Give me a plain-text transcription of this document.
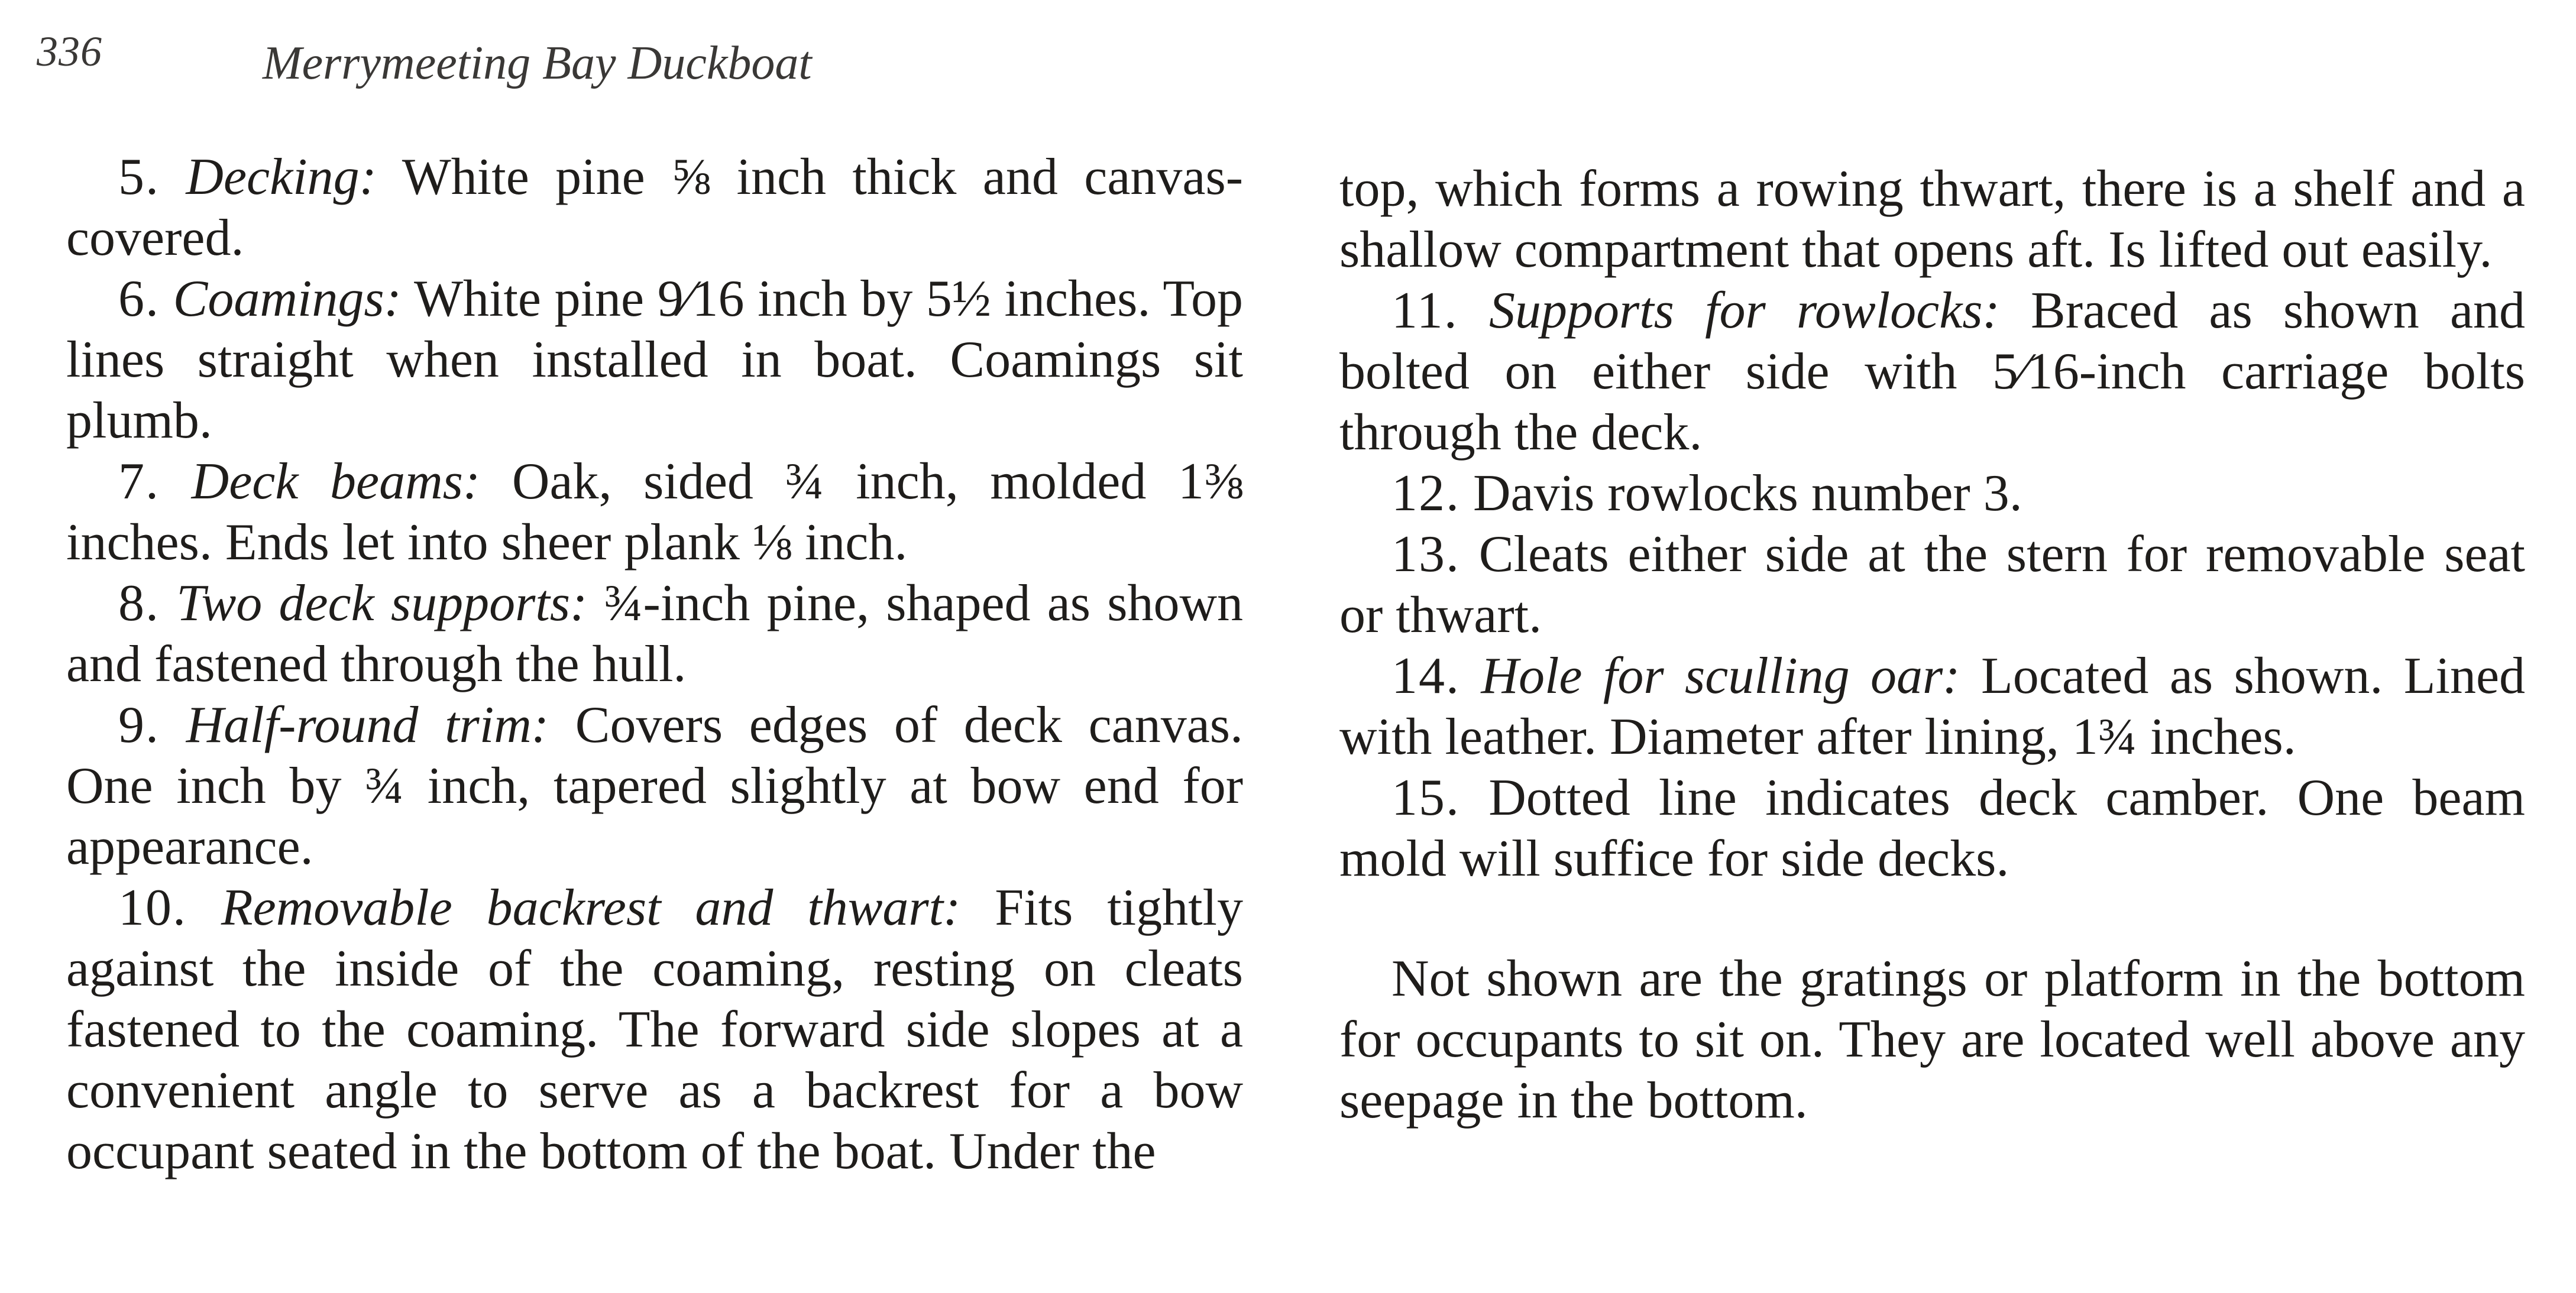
336	Merrymeeting Bay Duckboat

5. Decking: White pine ⅝ inch thick and canvas-covered.

6. Coamings: White pine 9⁄16 inch by 5½ inches. Top lines straight when installed in boat. Coamings sit plumb.

7. Deck beams: Oak, sided ¾ inch, molded 1⅜ inches. Ends let into sheer plank ⅛ inch.

8. Two deck supports: ¾-inch pine, shaped as shown and fastened through the hull.

9. Half-round trim: Covers edges of deck canvas. One inch by ¾ inch, tapered slightly at bow end for appearance.

10. Removable backrest and thwart: Fits tightly against the inside of the coaming, resting on cleats fastened to the coaming. The forward side slopes at a convenient angle to serve as a backrest for a bow occupant seated in the bottom of the boat. Under the

top, which forms a rowing thwart, there is a shelf and a shallow compartment that opens aft. Is lifted out easily.

11. Supports for rowlocks: Braced as shown and bolted on either side with 5⁄16-inch carriage bolts through the deck.

12. Davis rowlocks number 3.

13. Cleats either side at the stern for removable seat or thwart.

14. Hole for sculling oar: Located as shown. Lined with leather. Diameter after lining, 1¾ inches.

15. Dotted line indicates deck camber. One beam mold will suffice for side decks.

Not shown are the gratings or platform in the bottom for occupants to sit on. They are located well above any seepage in the bottom.
